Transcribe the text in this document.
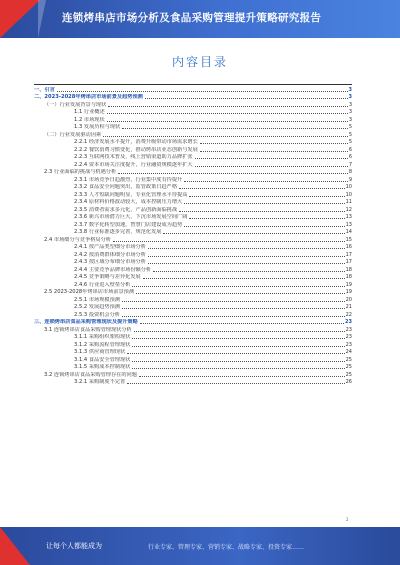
连锁烤串店市场分析及食品采购管理提升策略研究报告
内容目录
一、引言	3
二、2023-2028年烤串店市场前景及趋势预测	3
（一）行业发展背景与现状	3
1.1 行业概述	3
1.2 市场现状	3
1.3 发展历程与现状	5
（二）行业发展驱动因素	5
2.2.1 经济发展水平提升，消费升级带动市场需求增长	5
2.2.2 餐饮消费习惯变化，推动烤串店业态创新与发展	6
2.2.3 互联网技术普及，线上营销渠道助力品牌扩张	6
2.2.4 资本市场关注度提升，行业融资规模逐年扩大	7
2.3 行业面临的挑战与机遇分析	8
2.3.1 市场竞争日趋激烈，行业集中度有待提升	9
2.3.2 食品安全问题突出，监管政策日趋严格	10
2.3.3 人才短缺问题明显，专业化管理水平待提高	10
2.3.4 原材料价格波动较大，成本控制压力增大	11
2.3.5 消费者需求多元化，产品创新面临挑战	12
2.3.6 新兴市场潜力巨大，下沉市场发展空间广阔	13
2.3.7 数字化转型加速，智慧门店建设成为趋势	13
2.3.8 行业标准逐步完善，规范化发展	14
2.4 市场细分与竞争格局分析	15
2.4.1 按产品类型细分市场分析	16
2.4.2 按消费群体细分市场分析	17
2.4.3 按区域分布细分市场分析	17
2.4.4 主要竞争品牌市场份额分析	18
2.4.5 竞争策略与差异化发展	18
2.4.6 行业进入壁垒分析	19
2.5 2023-2028年烤串店市场前景预测	19
2.5.1 市场规模预测	20
2.5.2 发展趋势预测	21
2.5.3 投资机会分析	22
三、连锁烤串店食品采购管理现状及提升策略	23
3.1 连锁烤串店食品采购管理现状分析	23
3.1.1 采购组织架构现状	23
3.1.2 采购流程管理现状	23
3.1.3 供应商管理现状	24
3.1.4 食品安全管理现状	25
3.1.5 采购成本控制现状	25
3.2 连锁烤串店食品采购管理存在的问题	25
3.2.1 采购制度不完善	26
2
让每个人都能成为	行业专家、管理专家、营销专家、战略专家、投资专家……
